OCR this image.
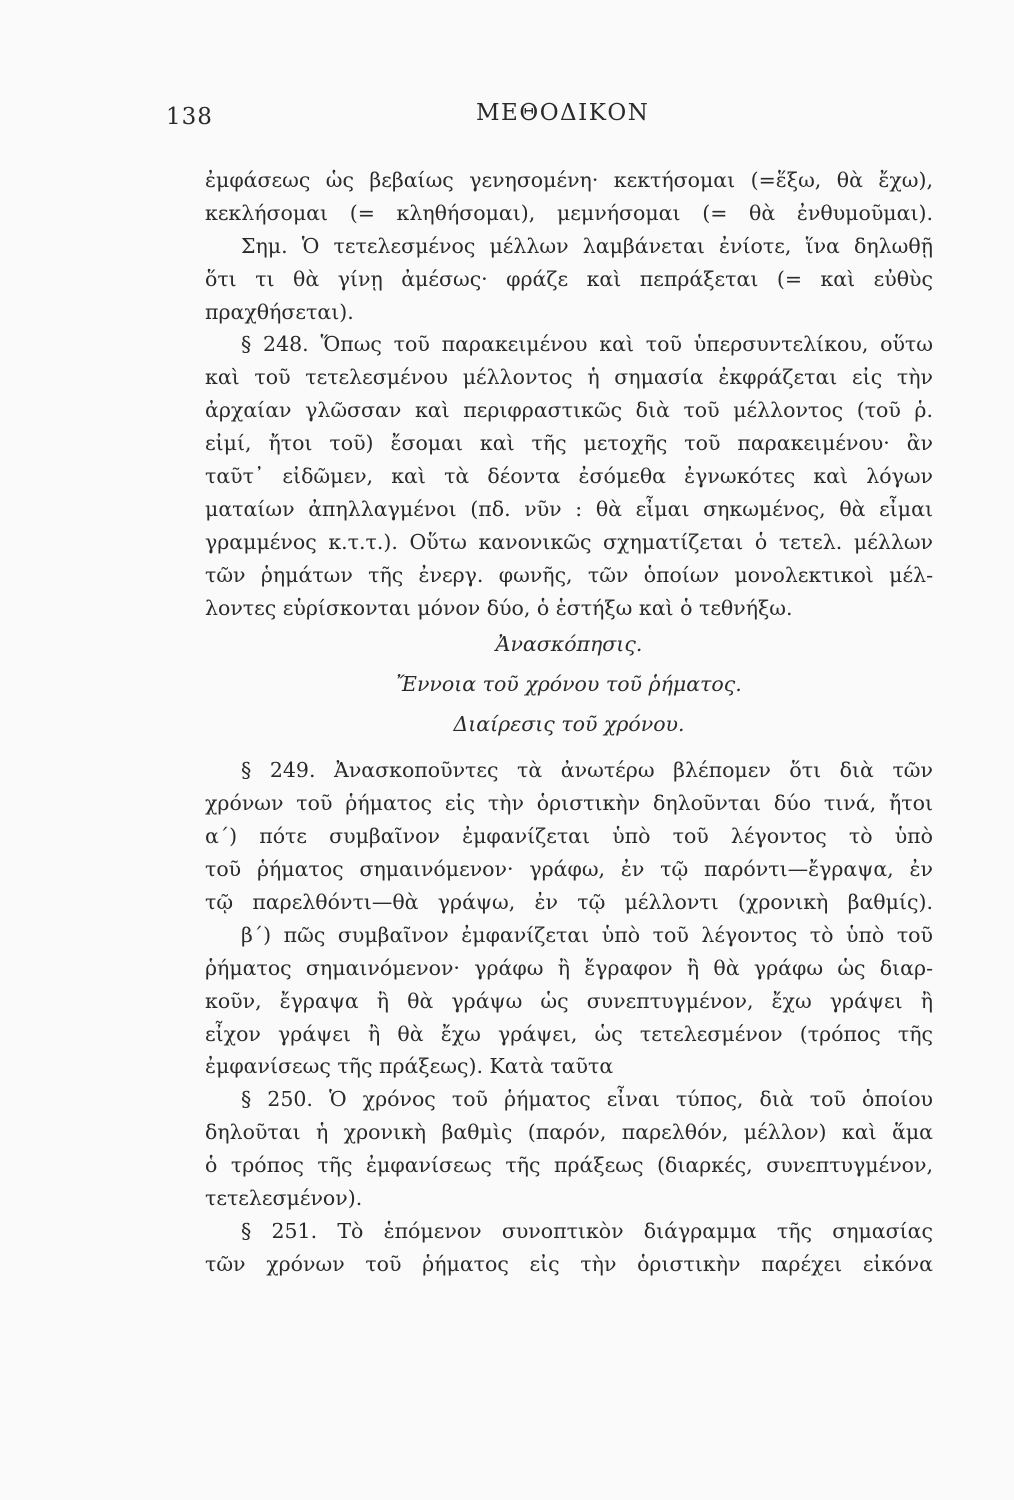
138	ΜΕΘΟΔΙΚΟΝ
ἐμφάσεως ὡς βεβαίως γενησομένη· κεκτήσομαι (=ἕξω, θὰ ἔχω),
κεκλήσομαι (= κληθήσομαι), μεμνήσομαι (= θὰ ἐνθυμοῦμαι).
Σημ. Ὁ τετελεσμένος μέλλων λαμβάνεται ἐνίοτε, ἵνα δηλωθῇ
ὅτι τι θὰ γίνῃ ἀμέσως· φράζε καὶ πεπράξεται (= καὶ εὐθὺς
πραχθήσεται).
§ 248. Ὅπως τοῦ παρακειμένου καὶ τοῦ ὑπερσυντελίκου, οὕτω
καὶ τοῦ τετελεσμένου μέλλοντος ἡ σημασία ἐκφράζεται εἰς τὴν
ἀρχαίαν γλῶσσαν καὶ περιφραστικῶς διὰ τοῦ μέλλοντος (τοῦ ῥ.
εἰμί, ἤτοι τοῦ) ἔσομαι καὶ τῆς μετοχῆς τοῦ παρακειμένου· ἂν
ταῦτ᾽ εἰδῶμεν, καὶ τὰ δέοντα ἐσόμεθα ἐγνωκότες καὶ λόγων
ματαίων ἀπηλλαγμένοι (πδ. νῦν : θὰ εἶμαι σηκωμένος, θὰ εἶμαι
γραμμένος κ.τ.τ.). Οὕτω κανονικῶς σχηματίζεται ὁ τετελ. μέλλων
τῶν ῥημάτων τῆς ἐνεργ. φωνῆς, τῶν ὁποίων μονολεκτικοὶ μέλ-
λοντες εὑρίσκονται μόνον δύο, ὁ ἑστήξω καὶ ὁ τεθνήξω.
Ἀνασκόπησις.
Ἔννοια τοῦ χρόνου τοῦ ῥήματος.
Διαίρεσις τοῦ χρόνου.
§ 249. Ἀνασκοποῦντες τὰ ἀνωτέρω βλέπομεν ὅτι διὰ τῶν
χρόνων τοῦ ῥήματος εἰς τὴν ὁριστικὴν δηλοῦνται δύο τινά, ἤτοι
α΄) πότε συμβαῖνον ἐμφανίζεται ὑπὸ τοῦ λέγοντος τὸ ὑπὸ
τοῦ ῥήματος σημαινόμενον· γράφω, ἐν τῷ παρόντι—ἔγραψα, ἐν
τῷ παρελθόντι—θὰ γράψω, ἐν τῷ μέλλοντι (χρονικὴ βαθμίς).
β΄) πῶς συμβαῖνον ἐμφανίζεται ὑπὸ τοῦ λέγοντος τὸ ὑπὸ τοῦ
ῥήματος σημαινόμενον· γράφω ἢ ἔγραφον ἢ θὰ γράφω ὡς διαρ-
κοῦν, ἔγραψα ἢ θὰ γράψω ὡς συνεπτυγμένον, ἔχω γράψει ἢ
εἶχον γράψει ἢ θὰ ἔχω γράψει, ὡς τετελεσμένον (τρόπος τῆς
ἐμφανίσεως τῆς πράξεως). Κατὰ ταῦτα
§ 250. Ὁ χρόνος τοῦ ῥήματος εἶναι τύπος, διὰ τοῦ ὁποίου
δηλοῦται ἡ χρονικὴ βαθμὶς (παρόν, παρελθόν, μέλλον) καὶ ἅμα
ὁ τρόπος τῆς ἐμφανίσεως τῆς πράξεως (διαρκές, συνεπτυγμένον,
τετελεσμένον).
§ 251. Τὸ ἑπόμενον συνοπτικὸν διάγραμμα τῆς σημασίας
τῶν χρόνων τοῦ ῥήματος εἰς τὴν ὁριστικὴν παρέχει εἰκόνα
